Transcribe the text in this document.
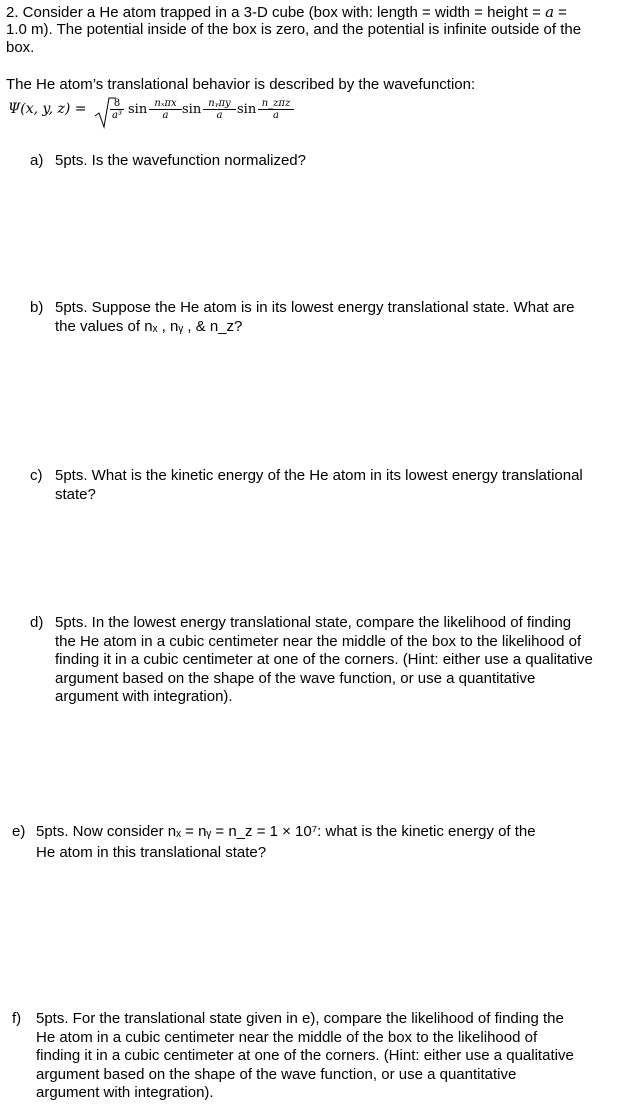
2. Consider a He atom trapped in a 3-D cube (box with: length = width = height = a =
1.0 m). The potential inside of the box is zero, and the potential is infinite outside of the
box.
The He atom’s translational behavior is described by the wavefunction:
Ψ(x, y, $z) = \frac{8}{\text{a³}}$ sin nₓπx
a	sin nᵧπy
a	sin n_zπz
a
a) 5pts. Is the wavefunction normalized?
b) 5pts. Suppose the He atom is in its lowest energy translational state. What are
the values of nₓ , nᵧ , & n_z?
c) 5pts. What is the kinetic energy of the He atom in its lowest energy translational
state?
d) 5pts. In the lowest energy translational state, compare the likelihood of finding
the He atom in a cubic centimeter near the middle of the box to the likelihood of
finding it in a cubic centimeter at one of the corners. (Hint: either use a qualitative
argument based on the shape of the wave function, or use a quantitative
argument with integration).
e) 5pts. Now consider nₓ = nᵧ = n_z = 1 × 10⁷: what is the kinetic energy of the
He atom in this translational state?
f) 5pts. For the translational state given in e), compare the likelihood of finding the
He atom in a cubic centimeter near the middle of the box to the likelihood of
finding it in a cubic centimeter at one of the corners. (Hint: either use a qualitative
argument based on the shape of the wave function, or use a quantitative
argument with integration).
